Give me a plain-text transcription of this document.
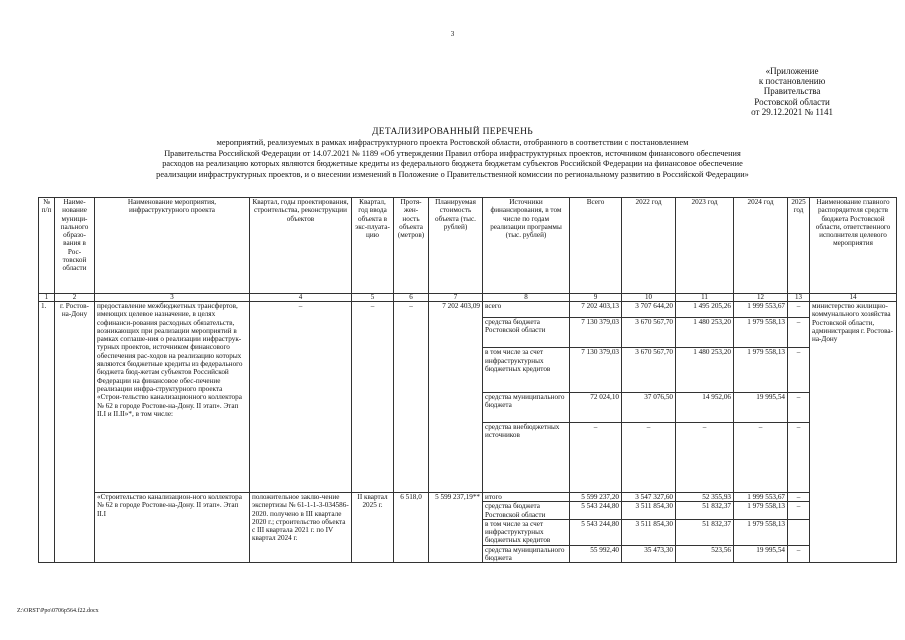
3
«Приложение
к постановлению
Правительства
Ростовской области
от 29.12.2021 № 1141
ДЕТАЛИЗИРОВАННЫЙ ПЕРЕЧЕНЬ
мероприятий, реализуемых в рамках инфраструктурного проекта Ростовской области, отобранного в соответствии с постановлением
Правительства Российской Федерации от 14.07.2021 № 1189 «Об утверждении Правил отбора инфраструктурных проектов, источником финансового обеспечения
расходов на реализацию которых являются бюджетные кредиты из федерального бюджета бюджетам субъектов Российской Федерации на финансовое обеспечение
реализации инфраструктурных проектов, и о внесении изменений в Положение о Правительственной комиссии по региональному развитию в Российской Федерации»
№ п/п	Наиме-нование муници-пального образо-вания в Рос-товской области	Наименование мероприятия, инфраструктурного проекта	Квартал, годы проектирования, строительства, реконструкции объектов	Квартал, год ввода объекта в экс-плуата-цию	Протя-жен-ность объекта (метров)	Планируемая стоимость объекта (тыс. рублей)	Источники финансирования, в том числе по годам реализации программы (тыс. рублей)	Всего	2022 год	2023 год	2024 год	2025 год	Наименование главного распорядителя средств бюджета Ростовской области, ответственного исполнителя целевого мероприятия
1	2	3	4	5	6	7	8	9	10	11	12	13	14
1.	г. Ростов-на-Дону	предоставление межбюджетных трансфертов, имеющих целевое назначение, в целях софинанси-рования расходных обязательств, возникающих при реализации мероприятий в рамках соглаше-ния о реализации инфраструк-турных проектов, источником финансового обеспечения рас-ходов на реализацию которых являются бюджетные кредиты из федерального бюджета бюд-жетам субъектов Российской Федерации на финансовое обес-печение реализации инфра-структурного проекта «Строи-тельство канализационного коллектора № 62 в городе Ростове-на-Дону. II этап». Этап II.I и II.II»*, в том числе:	–	–	–	7 202 403,09	всего	7 202 403,13	3 707 644,20	1 495 205,26	1 999 553,67	–	министерство жилищно-коммунального хозяйства Ростовской области, администрация г. Ростова-на-Дону
							средства бюджета Ростовской области	7 130 379,03	3 670 567,70	1 480 253,20	1 979 558,13	–	
							в том числе за счет инфраструктурных бюджетных кредитов	7 130 379,03	3 670 567,70	1 480 253,20	1 979 558,13	–	
							средства муниципального бюджета	72 024,10	37 076,50	14 952,06	19 995,54	–	
							средства внебюджетных источников	–	–	–	–	–	
		«Строительство канализацион-ного коллектора № 62 в городе Ростове-на-Дону. II этап». Этап II.I	положительное заклю-чение экспертизы № 61-1-1-3-034586-2020. получено в III квартале 2020 г.; строительство объекта с III квартала 2021 г. по IV квартал 2024 г.	II квартал 2025 г.	6 518,0	5 599 237,19**	итого	5 599 237,20	3 547 327,60	52 355,93	1 999 553,67	–	
							средства бюджета Ростовской области	5 543 244,80	3 511 854,30	51 832,37	1 979 558,13	–	
							в том числе за счет инфраструктурных бюджетных кредитов	5 543 244,80	3 511 854,30	51 832,37	1 979 558,13		
							средства муниципального бюджета	55 992,40	35 473,30	523,56	19 995,54	–	
Z:\ORST\Ppo\0706p564.f22.docx
